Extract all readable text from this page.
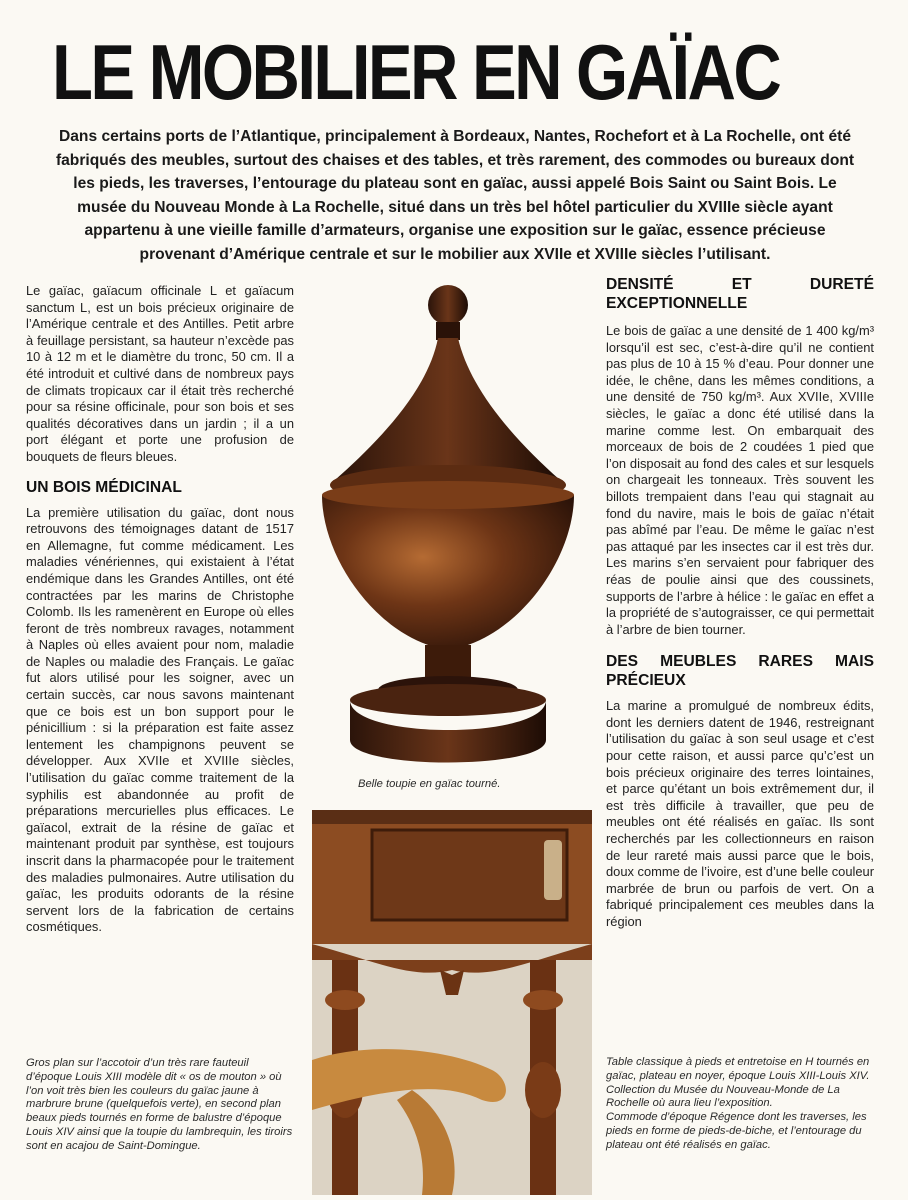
LE MOBILIER EN GAÏAC
Dans certains ports de l’Atlantique, principalement à Bordeaux, Nantes, Rochefort et à La Rochelle, ont été fabriqués des meubles, surtout des chaises et des tables, et très rarement, des commodes ou bureaux dont les pieds, les traverses, l’entourage du plateau sont en gaïac, aussi appelé Bois Saint ou Saint Bois. Le musée du Nouveau Monde à La Rochelle, situé dans un très bel hôtel particulier du XVIIIe siècle ayant appartenu à une vieille famille d’armateurs, organise une exposition sur le gaïac, essence précieuse provenant d’Amérique centrale et sur le mobilier aux XVIIe et XVIIIe siècles l’utilisant.

Le gaïac, gaïacum officinale L et gaïacum sanctum L, est un bois précieux originaire de l’Amérique centrale et des Antilles. Petit arbre à feuillage persistant, sa hauteur n’excède pas 10 à 12 m et le diamètre du tronc, 50 cm. Il a été introduit et cultivé dans de nombreux pays de climats tropicaux car il était très recherché pour sa résine officinale, pour son bois et ses qualités décoratives dans un jardin ; il a un port élégant et porte une profusion de bouquets de fleurs bleues.

UN BOIS MÉDICINAL

La première utilisation du gaïac, dont nous retrouvons des témoignages datant de 1517 en Allemagne, fut comme médicament. Les maladies vénériennes, qui existaient à l’état endémique dans les Grandes Antilles, ont été contractées par les marins de Christophe Colomb. Ils les ramenèrent en Europe où elles feront de très nombreux ravages, notamment à Naples où elles avaient pour nom, maladie de Naples ou maladie des Français. Le gaïac fut alors utilisé pour les soigner, avec un certain succès, car nous savons maintenant que ce bois est un bon support pour le pénicillium : si la préparation est faite assez lentement les champignons peuvent se développer. Aux XVIIe et XVIIIe siècles, l’utilisation du gaïac comme traitement de la syphilis est abandonnée au profit de préparations mercurielles plus efficaces. Le gaïacol, extrait de la résine de gaïac et maintenant produit par synthèse, est toujours inscrit dans la pharmacopée pour le traitement des maladies pulmonaires. Autre utilisation du gaïac, les produits odorants de la résine servent lors de la fabrication de certains cosmétiques.

Gros plan sur l’accotoir d’un très rare fauteuil d’époque Louis XIII modèle dit « os de mouton » où l’on voit très bien les couleurs du gaïac jaune à marbrure brune (quelquefois verte), en second plan beaux pieds tournés en forme de balustre d’époque Louis XIV ainsi que la toupie du lambrequin, les tiroirs sont en acajou de Saint-Domingue.
Belle toupie en gaïac tourné.
DENSITÉ ET DURETÉ EXCEPTIONNELLE

Le bois de gaïac a une densité de 1 400 kg/m³ lorsqu’il est sec, c’est-à-dire qu’il ne contient pas plus de 10 à 15 % d’eau. Pour donner une idée, le chêne, dans les mêmes conditions, a une densité de 750 kg/m³. Aux XVIIe, XVIIIe siècles, le gaïac a donc été utilisé dans la marine comme lest. On embarquait des morceaux de bois de 2 coudées 1 pied que l’on disposait au fond des cales et sur lesquels on chargeait les tonneaux. Très souvent les billots trempaient dans l’eau qui stagnait au fond du navire, mais le bois de gaïac n’était pas abîmé par l’eau. De même le gaïac n’est pas attaqué par les insectes car il est très dur. Les marins s’en servaient pour fabriquer des réas de poulie ainsi que des coussinets, supports de l’arbre à hélice : le gaïac en effet a la propriété de s’autograisser, ce qui permettait à l’arbre de bien tourner.

DES MEUBLES RARES MAIS PRÉCIEUX

La marine a promulgué de nombreux édits, dont les derniers datent de 1946, restreignant l’utilisation du gaïac à son seul usage et c’est pour cette raison, et aussi parce qu’c’est un bois précieux originaire des terres lointaines, et parce qu’étant un bois extrêmement dur, il est très difficile à travailler, que peu de meubles ont été réalisés en gaïac. Ils sont recherchés par les collectionneurs en raison de leur rareté mais aussi parce que le bois, doux comme de l’ivoire, est d’une belle couleur marbrée de brun ou parfois de vert. On a fabriqué principalement ces meubles dans la région

Table classique à pieds et entretoise en H tournés en gaïac, plateau en noyer, époque Louis XIII-Louis XIV. Collection du Musée du Nouveau-Monde de La Rochelle où aura lieu l’exposition.
Commode d’époque Régence dont les traverses, les pieds en forme de pieds-de-biche, et l’entourage du plateau ont été réalisés en gaïac.
